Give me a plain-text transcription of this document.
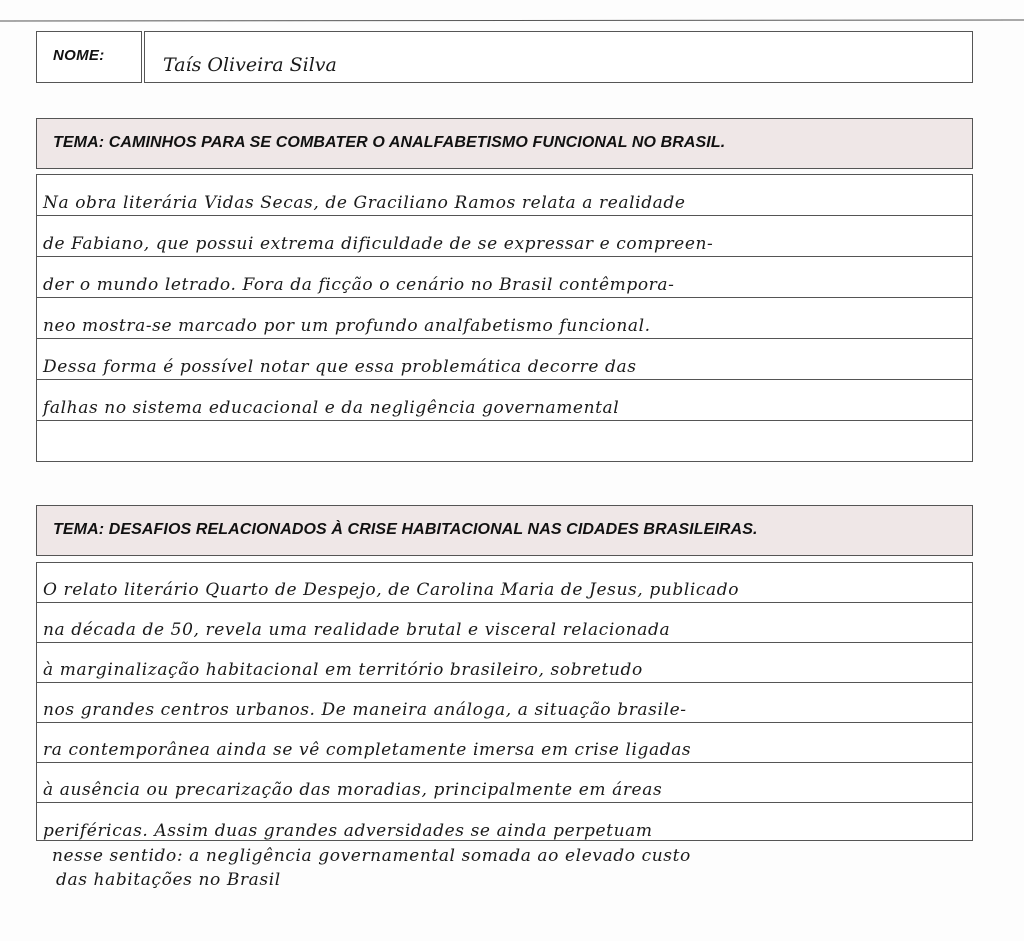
NOME:	Taís Oliveira Silva
TEMA: CAMINHOS PARA SE COMBATER O ANALFABETISMO FUNCIONAL NO BRASIL.
Na obra literária Vidas Secas, de Graciliano Ramos relata a realidade
de Fabiano, que possui extrema dificuldade de se expressar e compreen-
der o mundo letrado. Fora da ficção o cenário no Brasil contêmpora-
neo mostra-se marcado por um profundo analfabetismo funcional.
Dessa forma é possível notar que essa problemática decorre das
falhas no sistema educacional e da negligência governamental
TEMA: DESAFIOS RELACIONADOS À CRISE HABITACIONAL NAS CIDADES BRASILEIRAS.
O relato literário Quarto de Despejo, de Carolina Maria de Jesus, publicado
na década de 50, revela uma realidade brutal e visceral relacionada
à marginalização habitacional em território brasileiro, sobretudo
nos grandes centros urbanos. De maneira análoga, a situação brasile-
ra contemporânea ainda se vê completamente imersa em crise ligadas
à ausência ou precarização das moradias, principalmente em áreas
periféricas. Assim duas grandes adversidades se ainda perpetuam
nesse sentido: a negligência governamental somada ao elevado custo
das habitações no Brasil
